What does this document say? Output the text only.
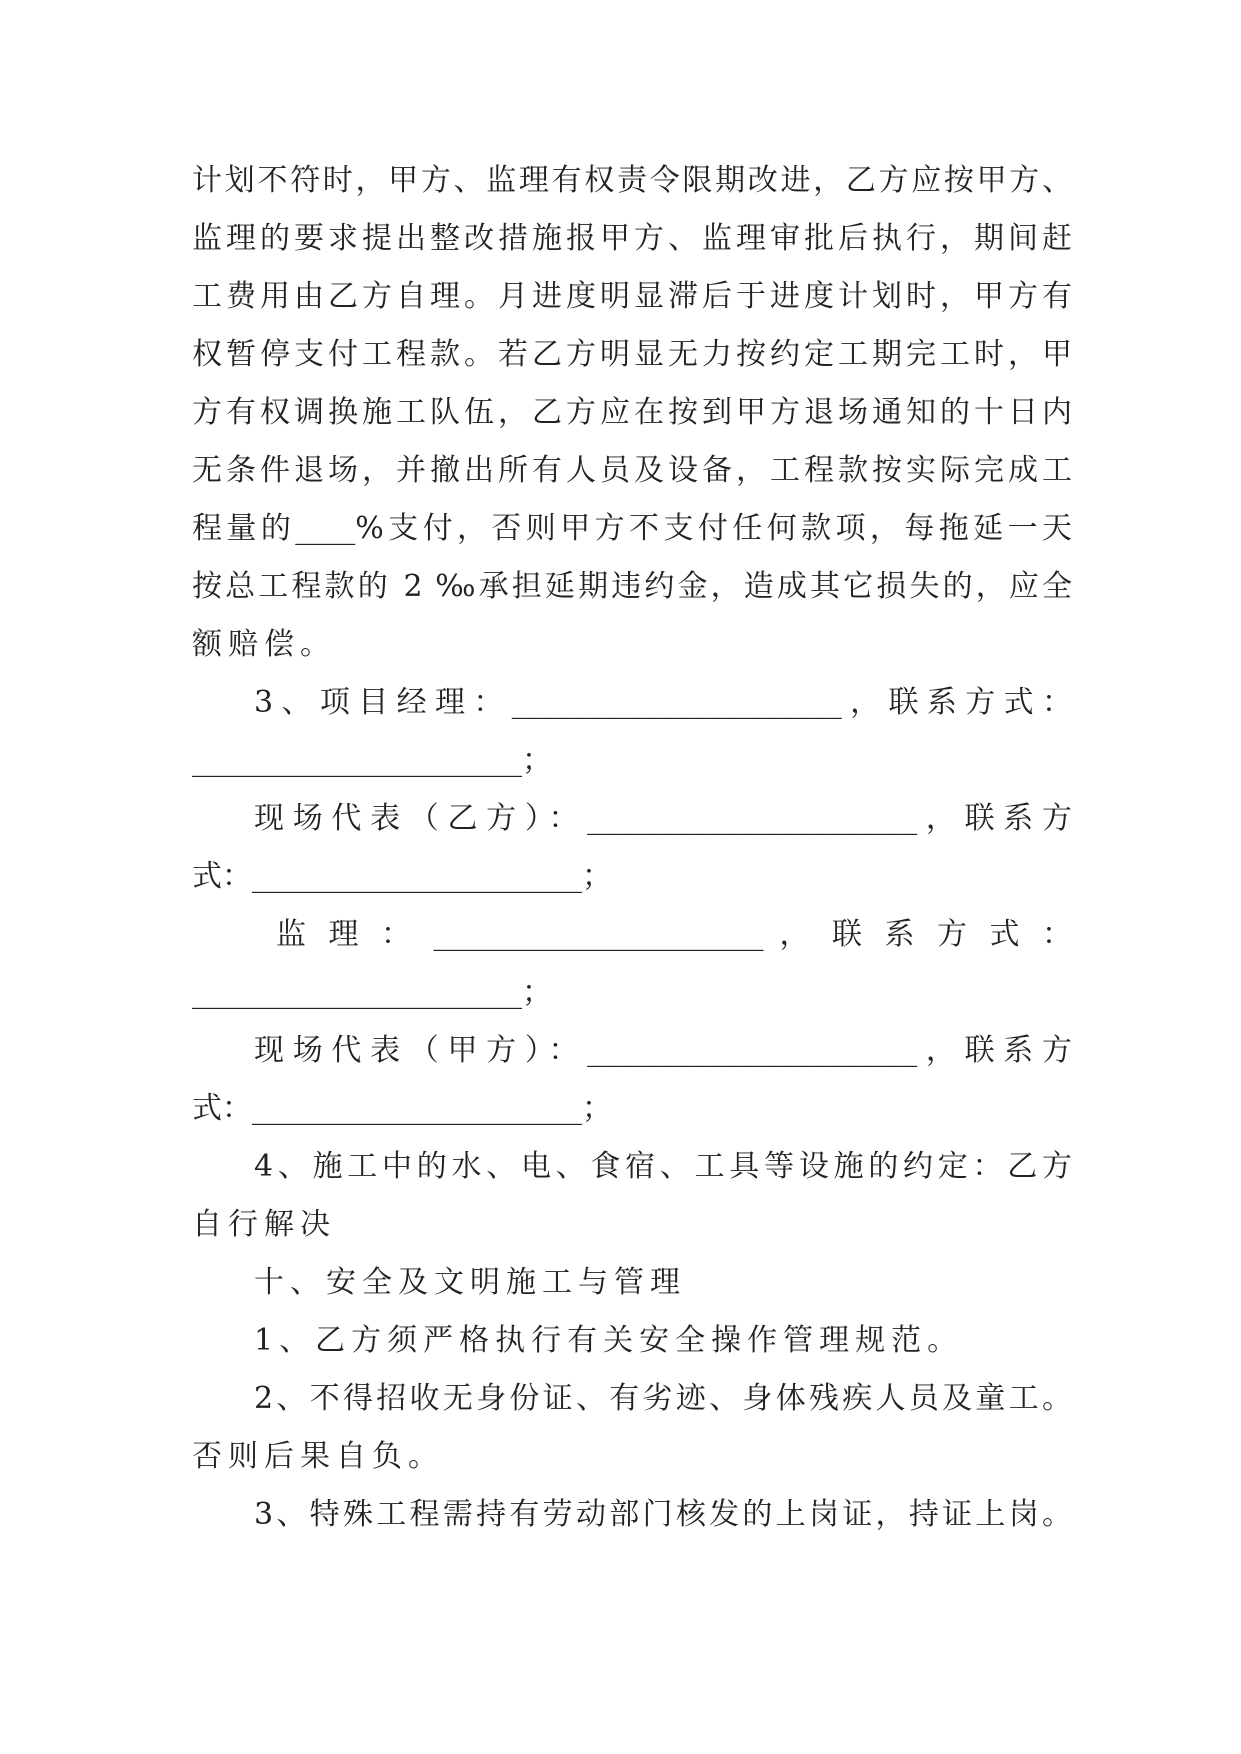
计划不符时，甲方、监理有权责令限期改进，乙方应按甲方、
监理的要求提出整改措施报甲方、监理审批后执行，期间赶
工费用由乙方自理。月进度明显滞后于进度计划时，甲方有
权暂停支付工程款。若乙方明显无力按约定工期完工时，甲
方有权调换施工队伍，乙方应在按到甲方退场通知的十日内
无条件退场，并撤出所有人员及设备，工程款按实际完成工
程量的____%支付，否则甲方不支付任何款项，每拖延一天
按总工程款的 2 ‰承担延期违约金，造成其它损失的，应全
额赔偿。
3、项目经理：______________________，联系方式：
______________________；
现场代表（乙方）：______________________，联系方
式：______________________；
监 理 ： ______________________ ， 联 系 方 式 ：
______________________；
现场代表（甲方）：______________________，联系方
式：______________________；
4、施工中的水、电、食宿、工具等设施的约定：乙方
自行解决
十、安全及文明施工与管理
1、乙方须严格执行有关安全操作管理规范。
2、不得招收无身份证、有劣迹、身体残疾人员及童工。
否则后果自负。
3、特殊工程需持有劳动部门核发的上岗证，持证上岗。
